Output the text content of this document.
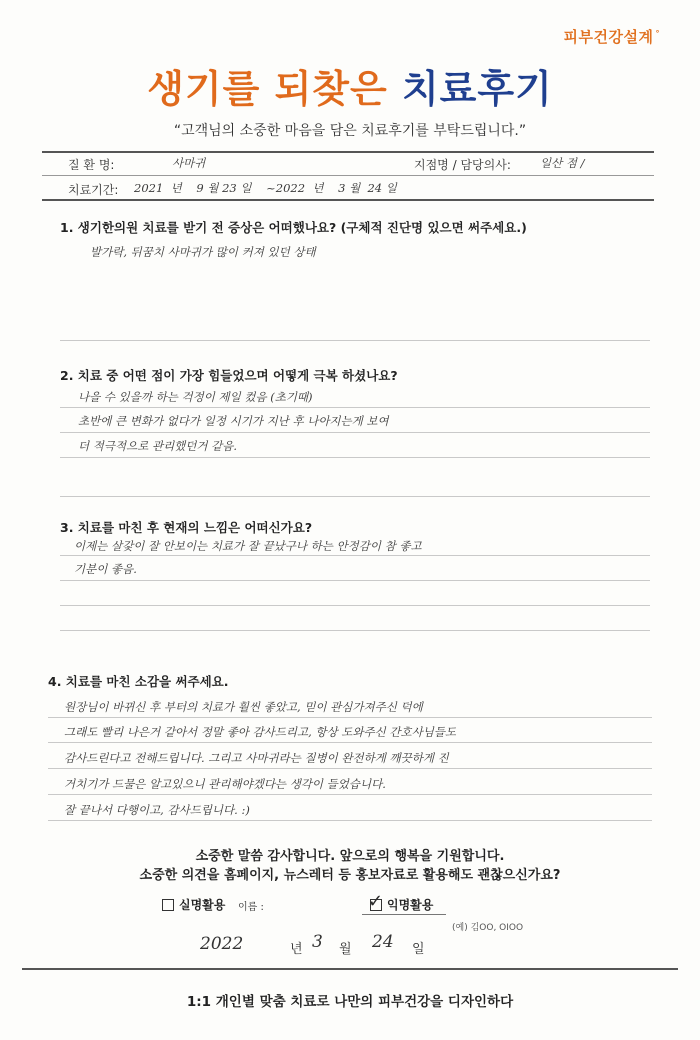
피부건강설계 °
생기를 되찾은 치료후기
“고객님의 소중한 마음을 담은 치료후기를 부탁드립니다.”
질 환 명:	사마귀	지점명 / 담당의사:	일산 점 /
치료기간: 2021 년 9 월 23 일 ~2022 년 3 월 24 일
1. 생기한의원 치료를 받기 전 증상은 어떠했나요? (구체적 진단명 있으면 써주세요.)
발가락, 뒤꿈치 사마귀가 많이 커져 있던 상태
2. 치료 중 어떤 점이 가장 힘들었으며 어떻게 극복 하셨나요?
나을 수 있을까 하는 걱정이 제일 컸음 (초기때)
초반에 큰 변화가 없다가 일정 시기가 지난 후 나아지는게 보여
더 적극적으로 관리했던거 같음.
3. 치료를 마친 후 현재의 느낌은 어떠신가요?
이제는 살갗이 잘 안보이는 치료가 잘 끝났구나 하는 안정감이 참 좋고
기분이 좋음.
4. 치료를 마친 소감을 써주세요.
원장님이 바뀌신 후 부터의 치료가 훨씬 좋았고, 믿이 관심가져주신 덕에
그래도 빨리 나은거 같아서 정말 좋아 감사드리고, 항상 도와주신 간호사님들도
감사드린다고 전해드립니다. 그리고 사마귀라는 질병이 완전하게 깨끗하게 진
거치기가 드물은 알고있으니 관리해야겠다는 생각이 들었습니다.
잘 끝나서 다행이고, 감사드립니다. :)
소중한 말씀 감사합니다. 앞으로의 행복을 기원합니다.
소중한 의견을 홈페이지, 뉴스레터 등 홍보자료로 활용해도 괜찮으신가요?
실명활용 이름 :	✓ 익명활용
(예) 김OO, OIOO
2022	년 3 월 24 일
1:1 개인별 맞춤 치료로 나만의 피부건강을 디자인하다
